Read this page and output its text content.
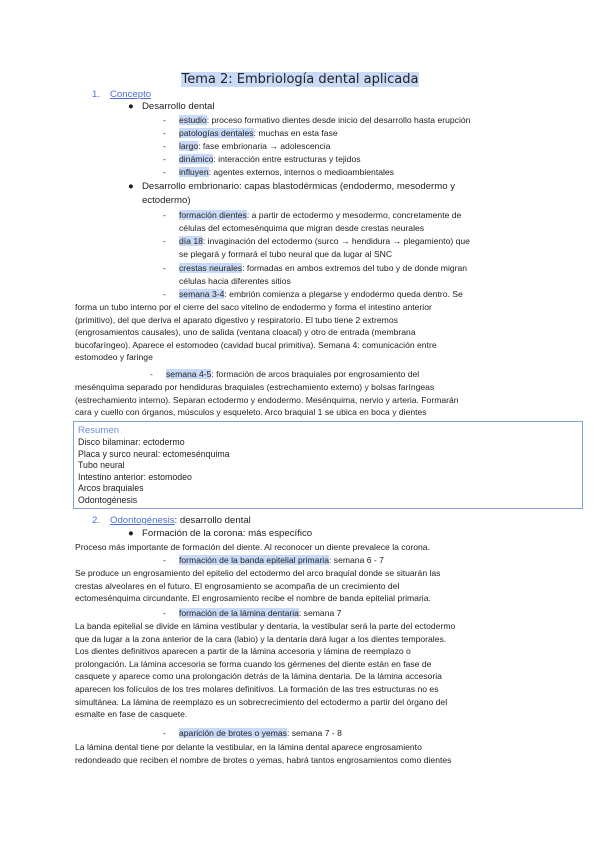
Tema 2: Embriología dental aplicada
1. Concepto
● Desarrollo dental
- estudio: proceso formativo dientes desde inicio del desarrollo hasta erupción
- patologías dentales: muchas en esta fase
- largo: fase embrionaria → adolescencia
- dinámico: interacción entre estructuras y tejidos
- influyen: agentes externos, internos o medioambientales
● Desarrollo embrionario: capas blastodérmicas (endodermo, mesodermo y
ectodermo)
- formación dientes: a partir de ectodermo y mesodermo, concretamente de
células del ectomesénquima que migran desde crestas neurales
- día 18: invaginación del ectodermo (surco → hendidura → plegamiento) que
se plegará y formará el tubo neural que da lugar al SNC
- crestas neurales: formadas en ambos extremos del tubo y de donde migran
células hacia diferentes sitios
- semana 3-4: embrión comienza a plegarse y endodermo queda dentro. Se
forma un tubo interno por el cierre del saco vitelino de endodermo y forma el intestino anterior
(primitivo), del que deriva el aparato digestivo y respiratorio. El tubo tiene 2 extremos
(engrosamientos causales), uno de salida (ventana cloacal) y otro de entrada (membrana
bucofaríngeo). Aparece el estomodeo (cavidad bucal primitiva). Semana 4: comunicación entre
estomodeo y faringe
- semana 4-5: formación de arcos braquiales por engrosamiento del
mesénquima separado por hendiduras braquiales (estrechamiento externo) y bolsas faríngeas
(estrechamiento interno). Separan ectodermo y endodermo. Mesénquima, nervio y arteria. Formarán
cara y cuello con órganos, músculos y esqueleto. Arco braquial 1 se ubica en boca y dientes
Resumen
Disco bilaminar: ectodermo
Placa y surco neural: ectomesénquima
Tubo neural
Intestino anterior: estomodeo
Arcos braquiales
Odontogénesis
2. Odontogénesis: desarrollo dental
● Formación de la corona: más específico
Proceso más importante de formación del diente. Al reconocer un diente prevalece la corona.
- formación de la banda epitelial primaria: semana 6 - 7
Se produce un engrosamiento del epitelio del ectodermo del arco braquial donde se situarán las
crestas alveolares en el futuro. El engrosamiento se acompaña de un crecimiento del
ectomesénquima circundante. El engrosamiento recibe el nombre de banda epitelial primaria.
- formación de la lámina dentaria: semana 7
La banda epitelial se divide en lámina vestibular y dentaria, la vestibular será la parte del ectodermo
que da lugar a la zona anterior de la cara (labio) y la dentaria dará lugar a los dientes temporales.
Los dientes definitivos aparecen a partir de la lámina accesoria y lámina de reemplazo o
prolongación. La lámina accesoria se forma cuando los gérmenes del diente están en fase de
casquete y aparece como una prolongación detrás de la lámina dentaria. De la lámina accesoria
aparecen los folículos de los tres molares definitivos. La formación de las tres estructuras no es
simultánea. La lámina de reemplazo es un sobrecrecimiento del ectodermo a partir del órgano del
esmalte en fase de casquete.
- aparición de brotes o yemas: semana 7 - 8
La lámina dental tiene por delante la vestibular, en la lámina dental aparece engrosamiento
redondeado que reciben el nombre de brotes o yemas, habrá tantos engrosamientos como dientes
